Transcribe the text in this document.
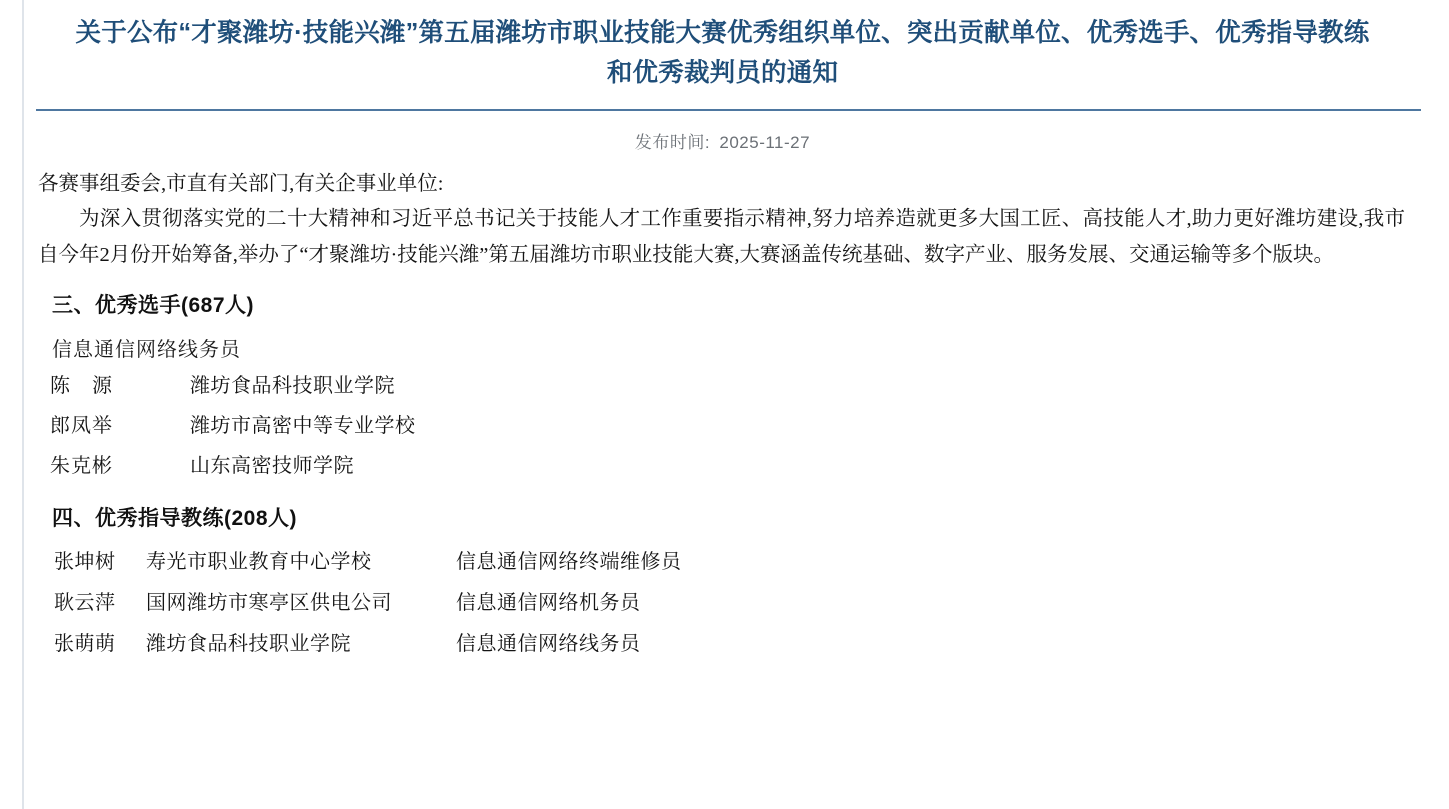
关于公布“才聚潍坊·技能兴潍”第五届潍坊市职业技能大赛优秀组织单位、突出贡献单位、优秀选手、优秀指导教练和优秀裁判员的通知
发布时间: 2025-11-27

各赛事组委会,市直有关部门,有关企事业单位:

为深入贯彻落实党的二十大精神和习近平总书记关于技能人才工作重要指示精神,努力培养造就更多大国工匠、高技能人才,助力更好潍坊建设,我市自今年2月份开始筹备,举办了“才聚潍坊·技能兴潍”第五届潍坊市职业技能大赛,大赛涵盖传统基础、数字产业、服务发展、交通运输等多个版块。

三、优秀选手(687人)
信息通信网络线务员
陈　源	潍坊食品科技职业学院
郎凤举	潍坊市高密中等专业学校
朱克彬	山东高密技师学院
四、优秀指导教练(208人)
张坤树	寿光市职业教育中心学校	信息通信网络终端维修员
耿云萍	国网潍坊市寒亭区供电公司	信息通信网络机务员
张萌萌	潍坊食品科技职业学院	信息通信网络线务员
